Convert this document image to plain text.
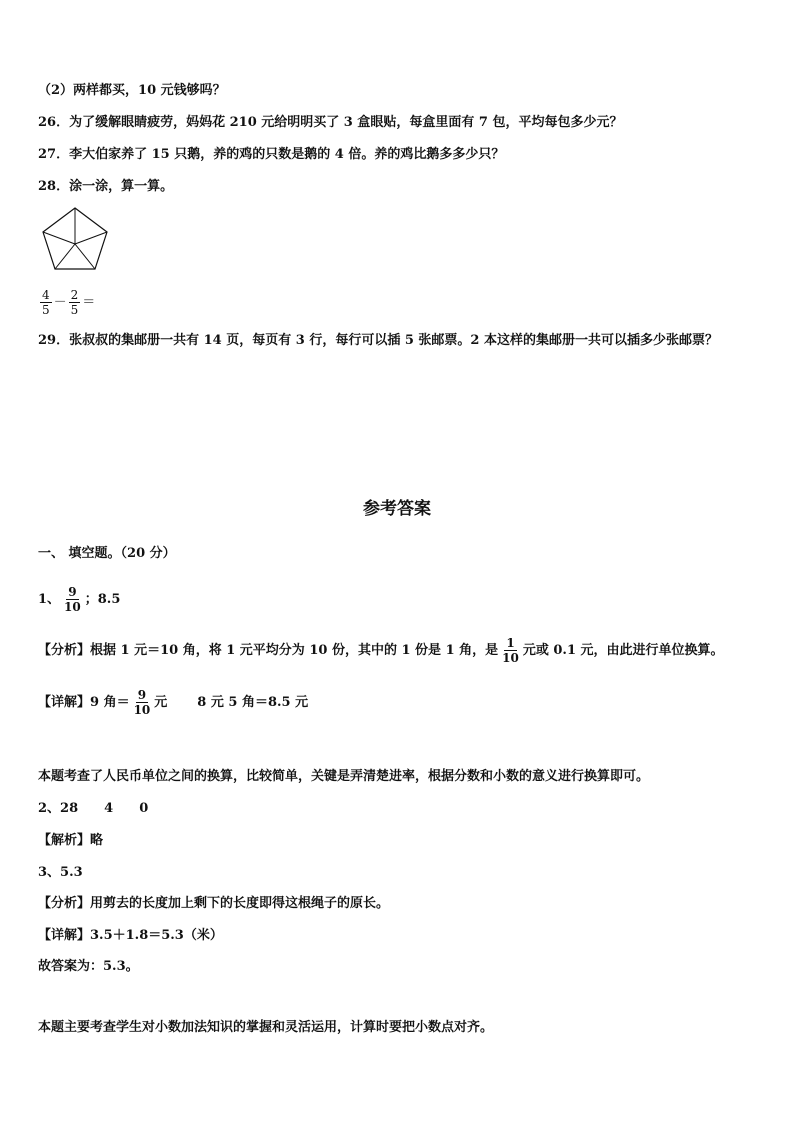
（2）两样都买，10 元钱够吗？
26．为了缓解眼睛疲劳，妈妈花 210 元给明明买了 3 盒眼贴，每盒里面有 7 包，平均每包多少元？
27．李大伯家养了 15 只鹅，养的鸡的只数是鹅的 4 倍。养的鸡比鹅多多少只？
28．涂一涂，算一算。
$\frac{4}{5} - \frac{2}{5}$ ＝
29．张叔叔的集邮册一共有 14 页，每页有 3 行，每行可以插 5 张邮票。2 本这样的集邮册一共可以插多少张邮票？
参考答案
一、 填空题。（20 分）
1、 $\frac{9}{10}$ ；8.5
【分析】根据 1 元＝10 角，将 1 元平均分为 10 份，其中的 1 份是 1 角，是 $\frac{1}{10}$ 元或 0.1 元，由此进行单位换算。
【详解】9 角＝ $\frac{9}{10}$ 元 8 元 5 角＝8.5 元
本题考查了人民币单位之间的换算，比较简单，关键是弄清楚进率，根据分数和小数的意义进行换算即可。
2、28 4 0
【解析】略
3、5.3
【分析】用剪去的长度加上剩下的长度即得这根绳子的原长。
【详解】3.5＋1.8＝5.3（米）
故答案为：5.3。
本题主要考查学生对小数加法知识的掌握和灵活运用，计算时要把小数点对齐。
